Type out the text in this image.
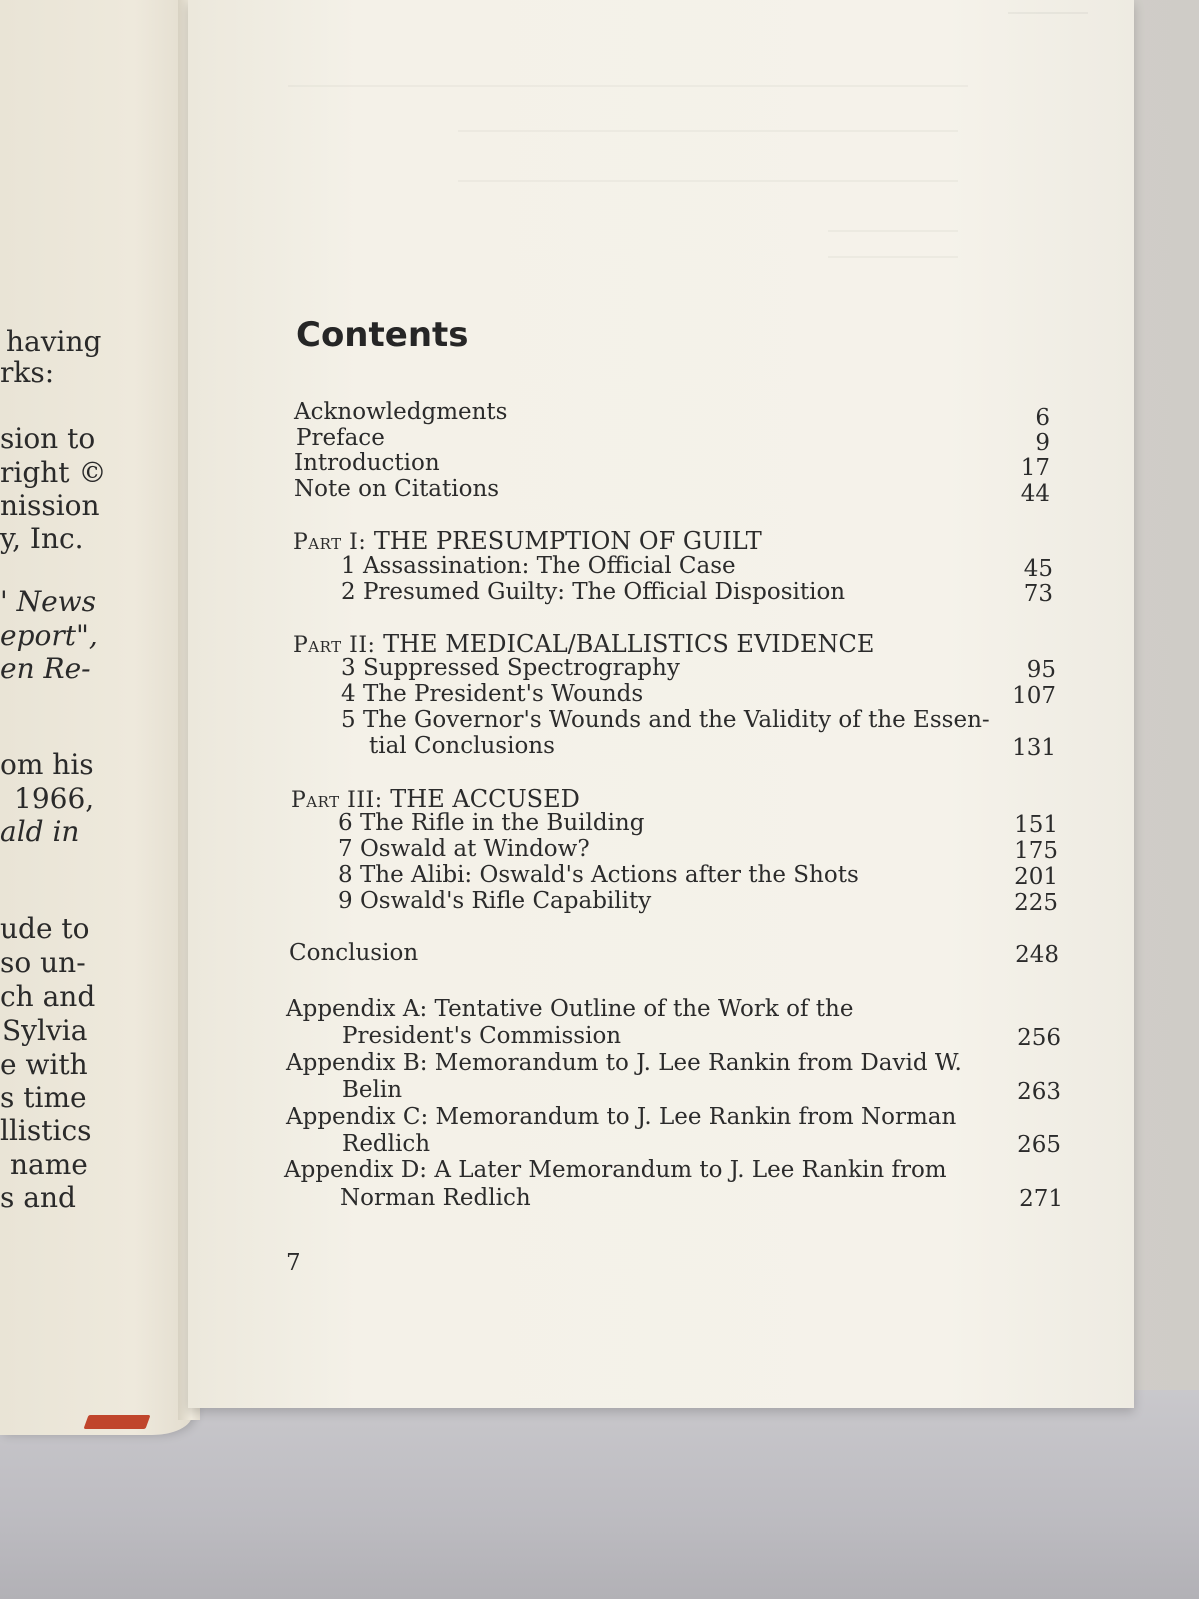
having
rks:
sion to
right ©
nission
y, Inc.
' News
eport",
en Re-
om his
1966,
ald in
ude to
so un-
ch and
Sylvia
e with
s time
llistics
name
s and
Contents
Acknowledgments	6
Preface	9
Introduction	17
Note on Citations	44
Part I: THE PRESUMPTION OF GUILT
1 Assassination: The Official Case	45
2 Presumed Guilty: The Official Disposition	73
Part II: THE MEDICAL/BALLISTICS EVIDENCE
3 Suppressed Spectrography	95
4 The President's Wounds	107
5 The Governor's Wounds and the Validity of the Essen-
tial Conclusions	131
Part III: THE ACCUSED
6 The Rifle in the Building	151
7 Oswald at Window?	175
8 The Alibi: Oswald's Actions after the Shots	201
9 Oswald's Rifle Capability	225
Conclusion	248
Appendix A: Tentative Outline of the Work of the
President's Commission	256
Appendix B: Memorandum to J. Lee Rankin from David W.
Belin	263
Appendix C: Memorandum to J. Lee Rankin from Norman
Redlich	265
Appendix D: A Later Memorandum to J. Lee Rankin from
Norman Redlich	271
7
